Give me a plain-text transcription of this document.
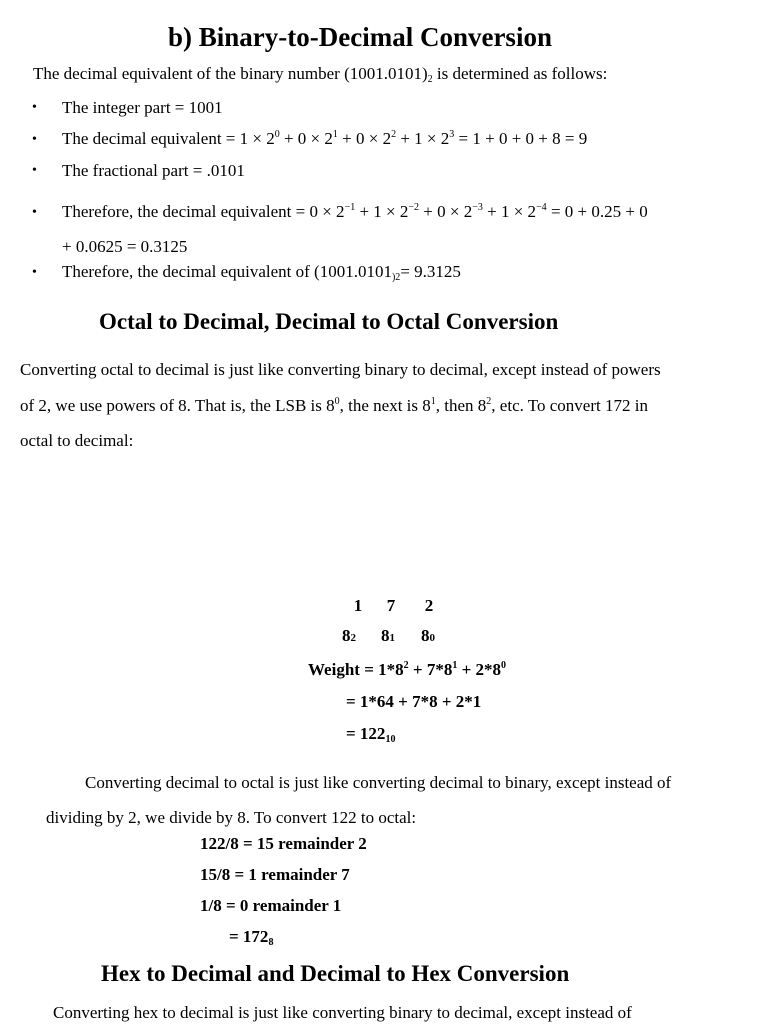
b) Binary-to-Decimal Conversion
The decimal equivalent of the binary number $(1001.0101)_2$ is determined as follows:
• The integer part = 1001
• The decimal equivalent = $1 \times 2^0 + 0 \times 2^1 + 0 \times 2^2 + 1 \times 2^3 = 1 + 0 + 0 + 8 = 9$
• The fractional part = .0101
• Therefore, the decimal equivalent = $0 \times 2^{-1} + 1 \times 2^{-2} + 0 \times 2^{-3} + 1 \times 2^{-4} = 0 + 0.25 + 0$
+ 0.0625 = 0.3125
• Therefore, the decimal equivalent of ($1001.0101_{)2}= 9.3125$
Octal to Decimal, Decimal to Octal Conversion
Converting octal to decimal is just like converting binary to decimal, except instead of powers
of 2, we use powers of 8. That is, the LSB is $8^0$, the next is $8^1$, then $8^2$, etc. To convert 172 in
octal to decimal:
1	7	2
82 81 80
Weight = $1*8^2 + 7*8^1 + 2*8^0$
= 1*64 + 7*8 + 2*1
= $122_{10}$
Converting decimal to octal is just like converting decimal to binary, except instead of
dividing by 2, we divide by 8. To convert 122 to octal:
122/8 = 15 remainder 2
15/8 = 1 remainder 7
1/8 = 0 remainder 1
= $172_8$
Hex to Decimal and Decimal to Hex Conversion
Converting hex to decimal is just like converting binary to decimal, except instead of
